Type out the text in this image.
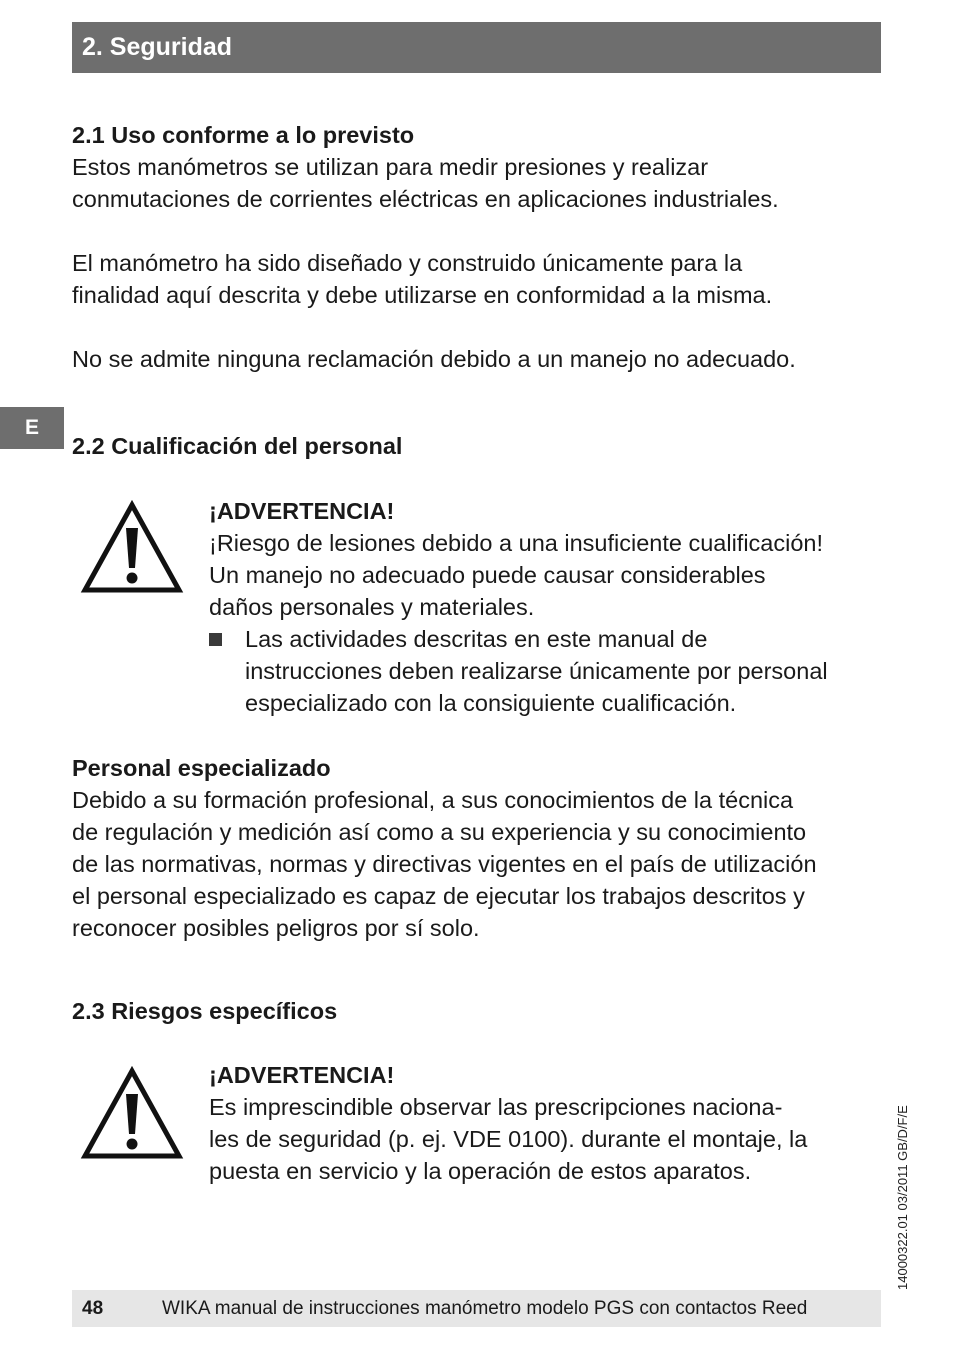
2. Seguridad
E

2.1 Uso conforme a lo previsto

Estos manómetros se utilizan para medir presiones y realizar

conmutaciones de corrientes eléctricas en aplicaciones industriales.

El manómetro ha sido diseñado y construido únicamente para la

finalidad aquí descrita y debe utilizarse en conformidad a la misma.

No se admite ninguna reclamación debido a un manejo no adecuado.

2.2 Cualificación del personal

¡ADVERTENCIA!

¡Riesgo de lesiones debido a una insuficiente cualificación!

Un manejo no adecuado puede causar considerables

daños personales y materiales.

Las actividades descritas en este manual de

instrucciones deben realizarse únicamente por personal

especializado con la consiguiente cualificación.

Personal especializado

Debido a su formación profesional, a sus conocimientos de la técnica

de regulación y medición así como a su experiencia y su conocimiento

de las normativas, normas y directivas vigentes en el país de utilización

el personal especializado es capaz de ejecutar los trabajos descritos y

reconocer posibles peligros por sí solo.

2.3 Riesgos específicos

¡ADVERTENCIA!

Es imprescindible observar las prescripciones naciona-

les de seguridad (p. ej. VDE 0100). durante el montaje, la

puesta en servicio y la operación de estos aparatos.	14000322.01 03/2011 GB/D/F/E
48	WIKA manual de instrucciones manómetro modelo PGS con contactos Reed
